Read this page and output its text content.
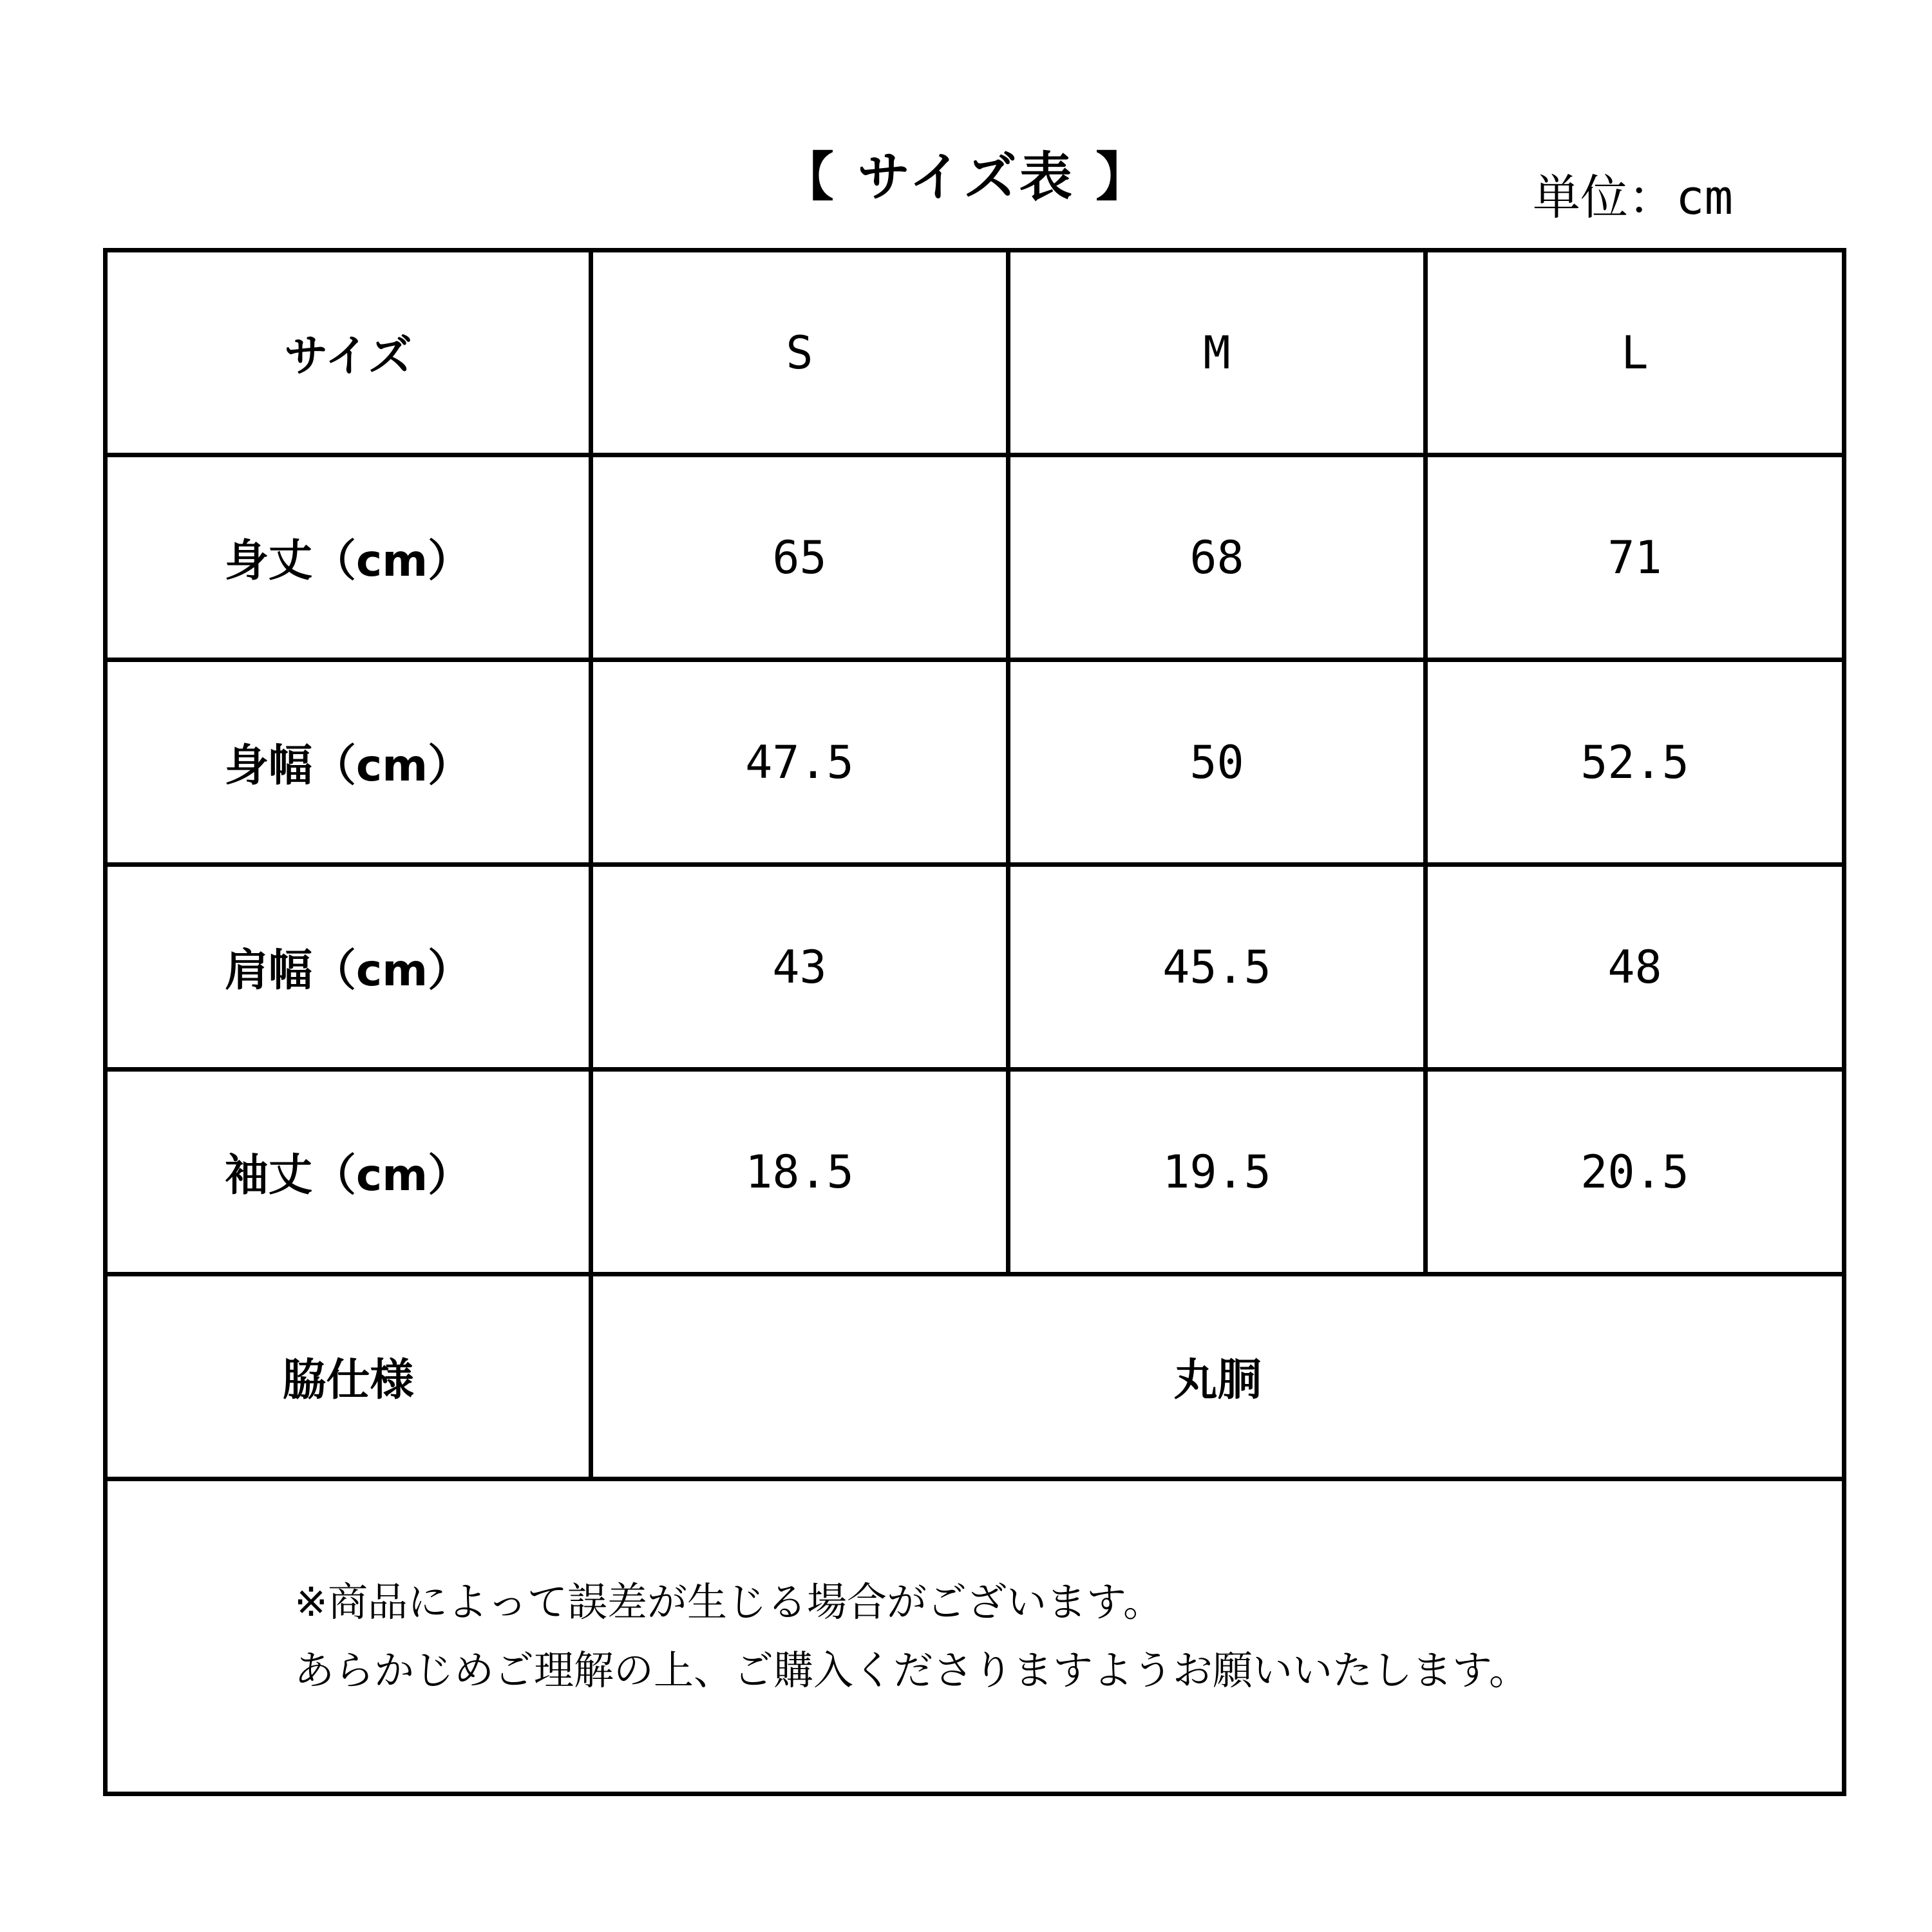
【 サイズ表 】	単位：cm
サイズ	S	M	L
身丈（cm）	65	68	71
身幅（cm）	47.5	50	52.5
肩幅（cm）	43	45.5	48
袖丈（cm）	18.5	19.5	20.5
脇仕様	丸胴		

※商品によって誤差が生じる場合がございます。
あらかじめご理解の上、ご購入くださりますようお願いいたします。			
